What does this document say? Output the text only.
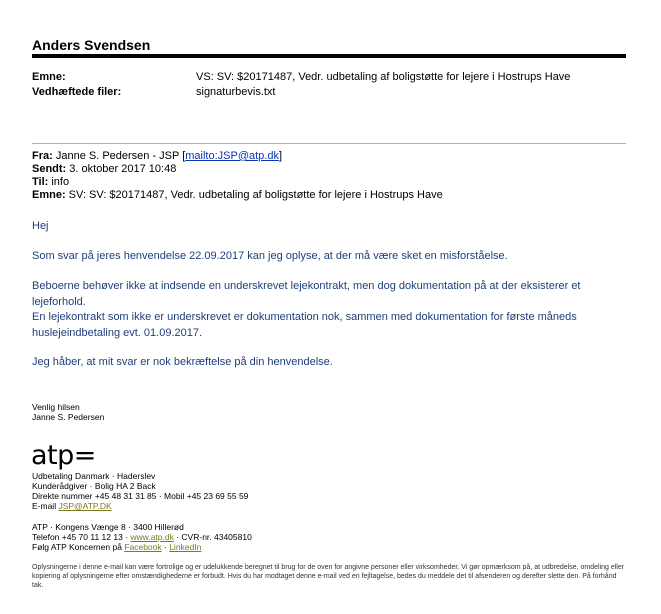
Anders Svendsen
Emne:	VS: SV: $20171487, Vedr. udbetaling af boligstøtte for lejere i Hostrups Have
Vedhæftede filer:	signaturbevis.txt
Fra: Janne S. Pedersen - JSP [mailto:JSP@atp.dk]
Sendt: 3. oktober 2017 10:48
Til: info
Emne: SV: SV: $20171487, Vedr. udbetaling af boligstøtte for lejere i Hostrups Have
Hej
Som svar på jeres henvendelse 22.09.2017 kan jeg oplyse, at der må være sket en misforståelse.
Beboerne behøver ikke at indsende en underskrevet lejekontrakt, men dog dokumentation på at der eksisterer et lejeforhold.
En lejekontrakt som ikke er underskrevet er dokumentation nok, sammen med dokumentation for første måneds huslejeindbetaling evt. 01.09.2017.
Jeg håber, at mit svar er nok bekræftelse på din henvendelse.
Venlig hilsen
Janne S. Pedersen
atp=
Udbetaling Danmark · Haderslev
Kunderådgiver · Bolig HA 2 Back
Direkte nummer +45 48 31 31 85 · Mobil +45 23 69 55 59
E-mail JSP@ATP.DK
ATP · Kongens Vænge 8 · 3400 Hillerød
Telefon +45 70 11 12 13 · www.atp.dk · CVR-nr. 43405810
Følg ATP Koncernen på Facebook · LinkedIn
Oplysningerne i denne e-mail kan være fortrolige og er udelukkende beregnet til brug for de oven for angivne personer eller virksomheder. Vi gør opmærksom på, at udbredelse, omdeling eller kopiering af oplysningerne efter omstændighederne er forbudt. Hvis du har modtaget denne e-mail ved en fejltagelse, bedes du meddele det til afsenderen og derefter slette den. På forhånd tak.
